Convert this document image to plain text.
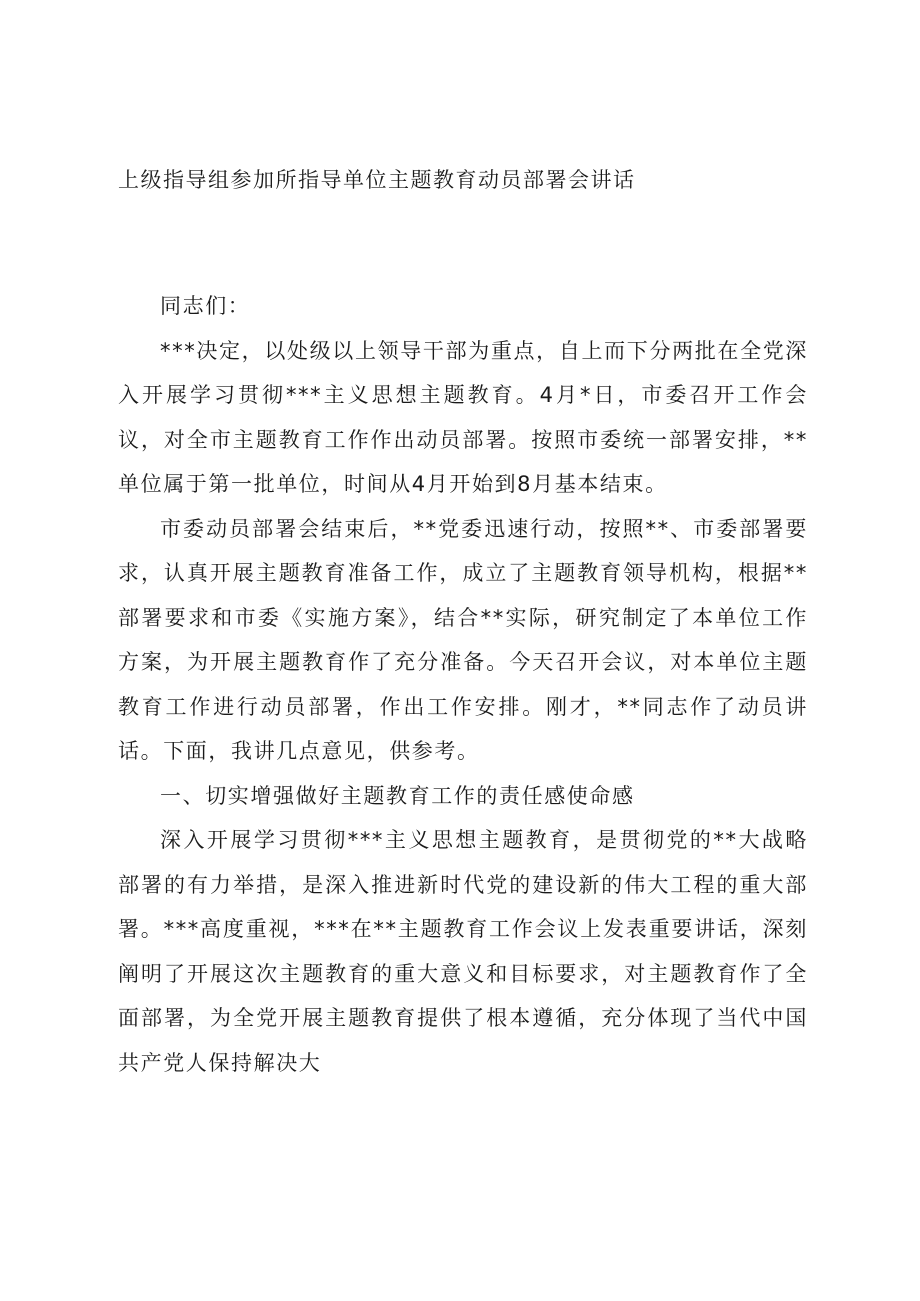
上级指导组参加所指导单位主题教育动员部署会讲话

同志们：

***决定，以处级以上领导干部为重点，自上而下分两批在全党深入开展学习贯彻***主义思想主题教育。4月*日，市委召开工作会议，对全市主题教育工作作出动员部署。按照市委统一部署安排，**单位属于第一批单位，时间从4月开始到8月基本结束。

市委动员部署会结束后，**党委迅速行动，按照**、市委部署要求，认真开展主题教育准备工作，成立了主题教育领导机构，根据**部署要求和市委《实施方案》，结合**实际，研究制定了本单位工作方案，为开展主题教育作了充分准备。今天召开会议，对本单位主题教育工作进行动员部署，作出工作安排。刚才，**同志作了动员讲话。下面，我讲几点意见，供参考。

一、切实增强做好主题教育工作的责任感使命感

深入开展学习贯彻***主义思想主题教育，是贯彻党的**大战略部署的有力举措，是深入推进新时代党的建设新的伟大工程的重大部署。***高度重视，***在**主题教育工作会议上发表重要讲话，深刻阐明了开展这次主题教育的重大意义和目标要求，对主题教育作了全面部署，为全党开展主题教育提供了根本遵循，充分体现了当代中国共产党人保持解决大
